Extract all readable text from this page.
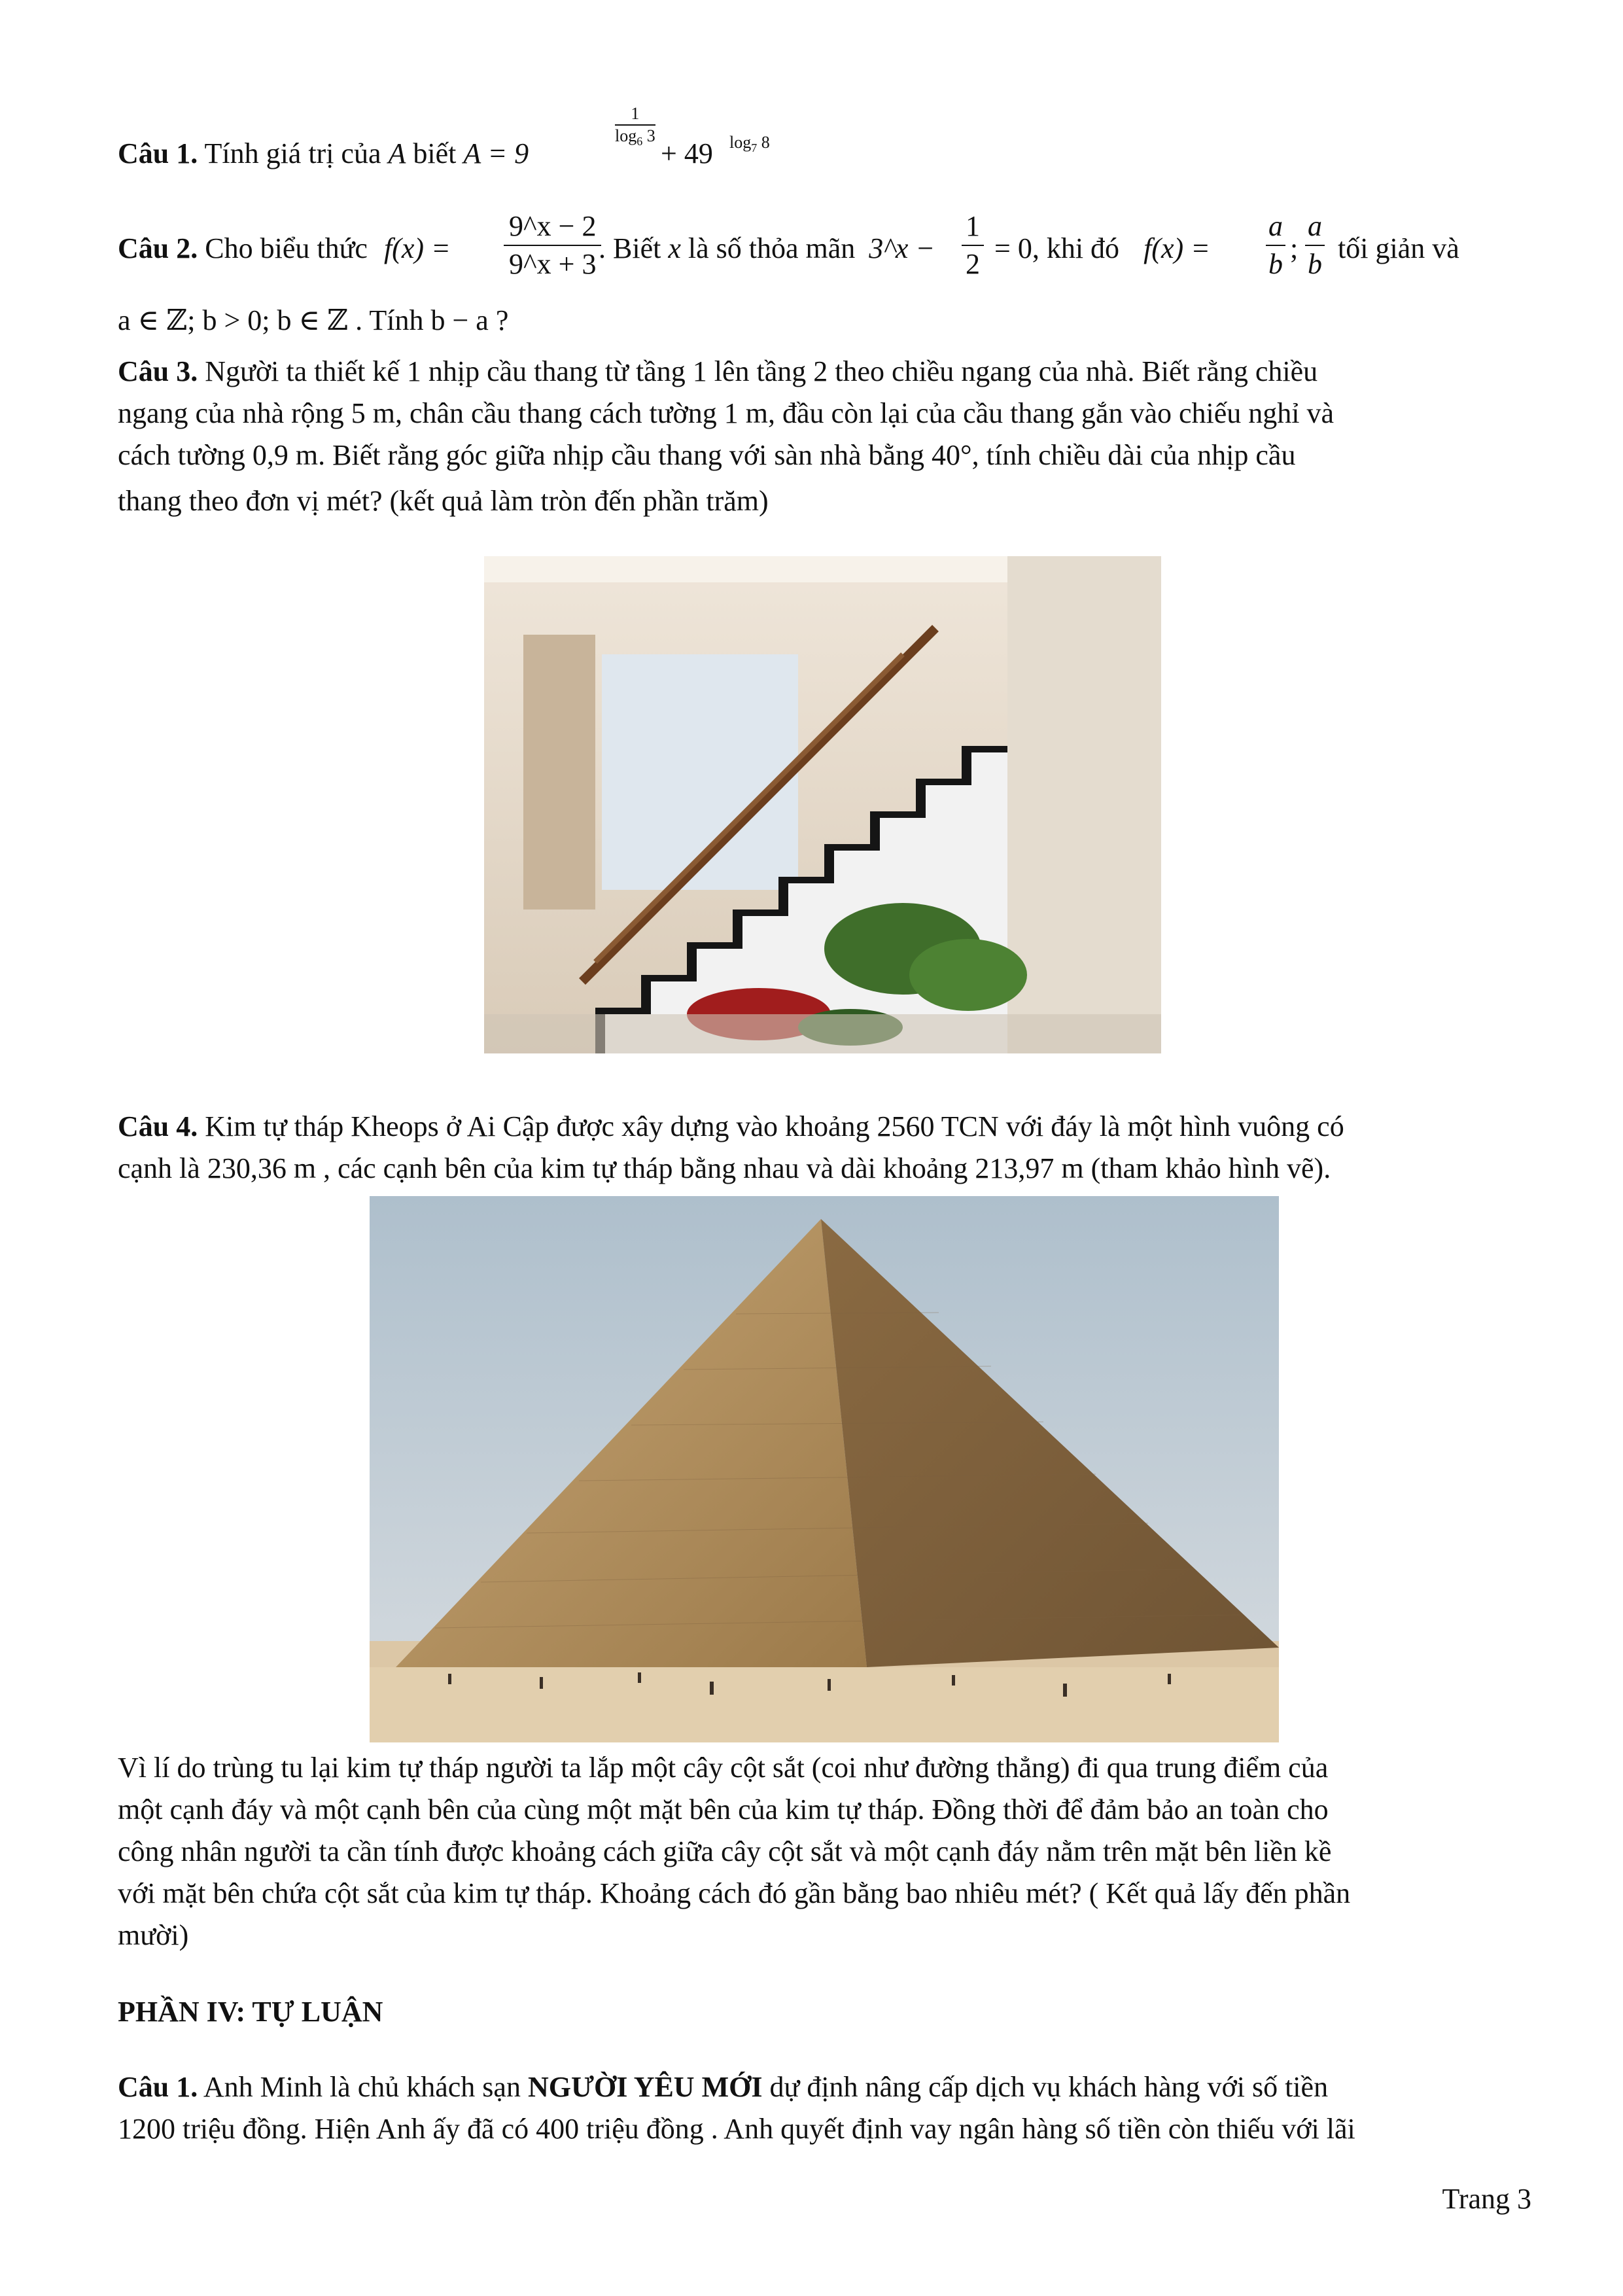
Câu 1. Tính giá trị của A biết A = 9
$\frac{1}{\log_6 3}$
+ 49 $\log_7 8$
Câu 2. Cho biểu thức f(x) =
9^x − 2
9^x + 3 . Biết x là số thỏa mãn 3^x −
1
2 = 0, khi đó f(x) =
a
b ;
a
b tối giản và
a ∈ ℤ; b > 0; b ∈ ℤ . Tính b − a ?
Câu 3. Người ta thiết kế 1 nhịp cầu thang từ tầng 1 lên tầng 2 theo chiều ngang của nhà. Biết rằng chiều
ngang của nhà rộng 5 m, chân cầu thang cách tường 1 m, đầu còn lại của cầu thang gắn vào chiếu nghỉ và
cách tường 0,9 m. Biết rằng góc giữa nhịp cầu thang với sàn nhà bằng 40°, tính chiều dài của nhịp cầu
thang theo đơn vị mét? (kết quả làm tròn đến phần trăm)
Câu 4. Kim tự tháp Kheops ở Ai Cập được xây dựng vào khoảng 2560 TCN với đáy là một hình vuông có
cạnh là 230,36 m , các cạnh bên của kim tự tháp bằng nhau và dài khoảng 213,97 m (tham khảo hình vẽ).
Vì lí do trùng tu lại kim tự tháp người ta lắp một cây cột sắt (coi như đường thẳng) đi qua trung điểm của
một cạnh đáy và một cạnh bên của cùng một mặt bên của kim tự tháp. Đồng thời để đảm bảo an toàn cho
công nhân người ta cần tính được khoảng cách giữa cây cột sắt và một cạnh đáy nằm trên mặt bên liền kề
với mặt bên chứa cột sắt của kim tự tháp. Khoảng cách đó gần bằng bao nhiêu mét? ( Kết quả lấy đến phần
mười)
PHẦN IV: TỰ LUẬN
Câu 1. Anh Minh là chủ khách sạn NGƯỜI YÊU MỚI dự định nâng cấp dịch vụ khách hàng với số tiền
1200 triệu đồng. Hiện Anh ấy đã có 400 triệu đồng . Anh quyết định vay ngân hàng số tiền còn thiếu với lãi
Trang 3
